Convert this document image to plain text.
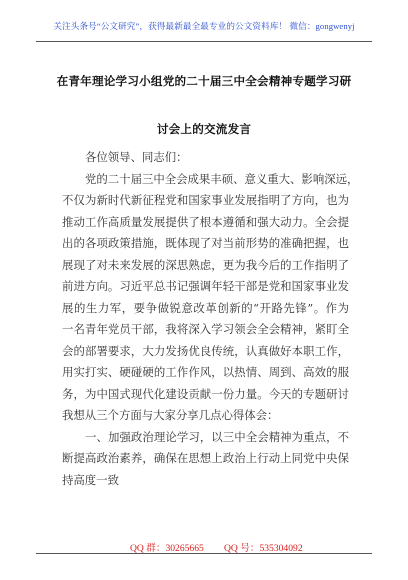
关注头条号“公文研究”，获得最新最全最专业的公文资料库！ 微信：gongwenyj
在青年理论学习小组党的二十届三中全会精神专题学习研
讨会上的交流发言
各位领导、同志们：
党的二十届三中全会成果丰硕、意义重大、影响深远，
不仅为新时代新征程党和国家事业发展指明了方向，也为
推动工作高质量发展提供了根本遵循和强大动力。全会提
出的各项政策措施，既体现了对当前形势的准确把握，也
展现了对未来发展的深思熟虑，更为我今后的工作指明了
前进方向。习近平总书记强调年轻干部是党和国家事业发
展的生力军，要争做锐意改革创新的“开路先锋”。作为
一名青年党员干部，我将深入学习领会全会精神，紧盯全
会的部署要求，大力发扬优良传统，认真做好本职工作，
用实打实、硬碰硬的工作作风，以热情、周到、高效的服
务，为中国式现代化建设贡献一份力量。今天的专题研讨
我想从三个方面与大家分享几点心得体会：
一、加强政治理论学习，以三中全会精神为重点，不
断提高政治素养，确保在思想上政治上行动上同党中央保
持高度一致
QQ 群：30265665 QQ 号：535304092
